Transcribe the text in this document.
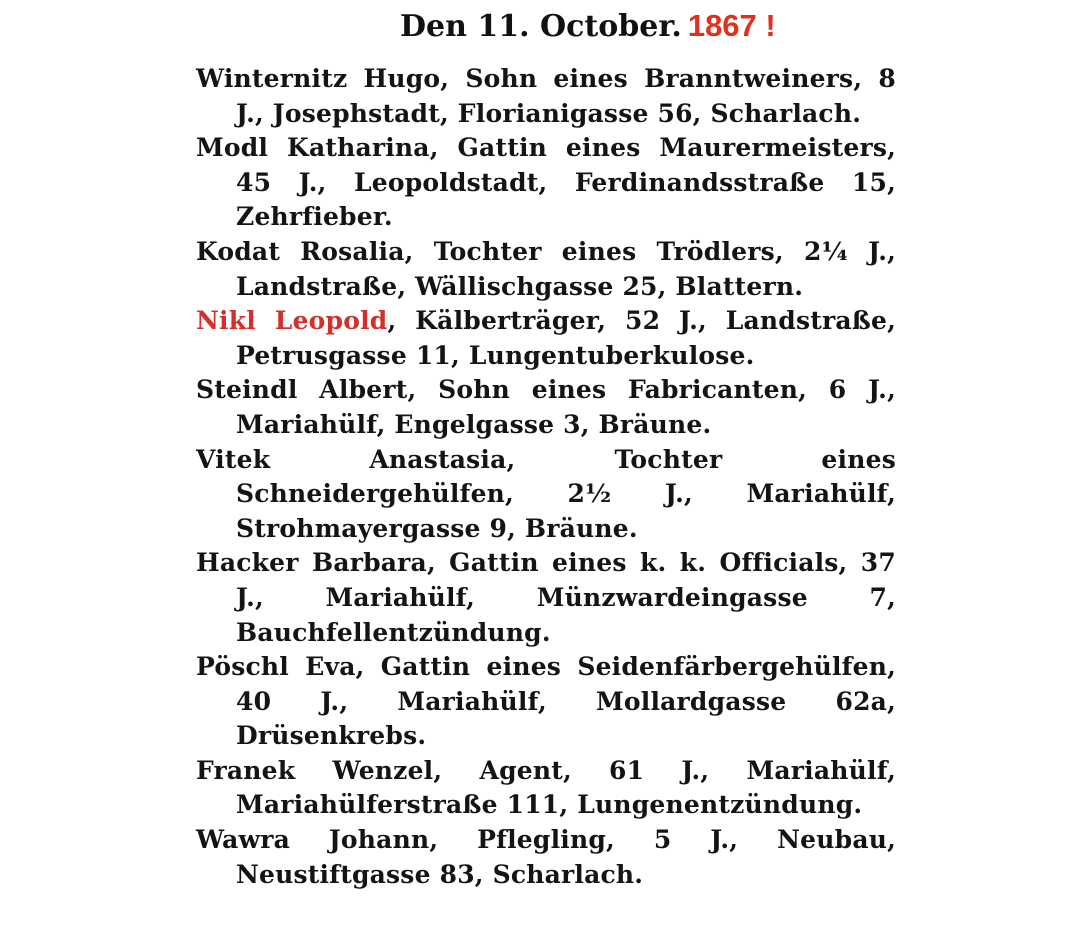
Den 11. October. 1867 !

Winternitz Hugo, Sohn eines Branntweiners, 8 J., Josephstadt, Florianigasse 56, Scharlach.

Modl Katharina, Gattin eines Maurermeisters, 45 J., Leopoldstadt, Ferdinandsstraße 15, Zehrfieber.

Kodat Rosalia, Tochter eines Trödlers, 2¼ J., Landstraße, Wällischgasse 25, Blattern.

Nikl Leopold, Kälberträger, 52 J., Landstraße, Petrusgasse 11, Lungentuberkulose.

Steindl Albert, Sohn eines Fabricanten, 6 J., Mariahülf, Engelgasse 3, Bräune.

Vitek Anastasia, Tochter eines Schneidergehülfen, 2½ J., Mariahülf, Strohmayergasse 9, Bräune.

Hacker Barbara, Gattin eines k. k. Officials, 37 J., Mariahülf, Münzwardeingasse 7, Bauchfellentzündung.

Pöschl Eva, Gattin eines Seidenfärbergehülfen, 40 J., Mariahülf, Mollardgasse 62a, Drüsenkrebs.

Franek Wenzel, Agent, 61 J., Mariahülf, Mariahülferstraße 111, Lungenentzündung.

Wawra Johann, Pflegling, 5 J., Neubau, Neustiftgasse 83, Scharlach.
